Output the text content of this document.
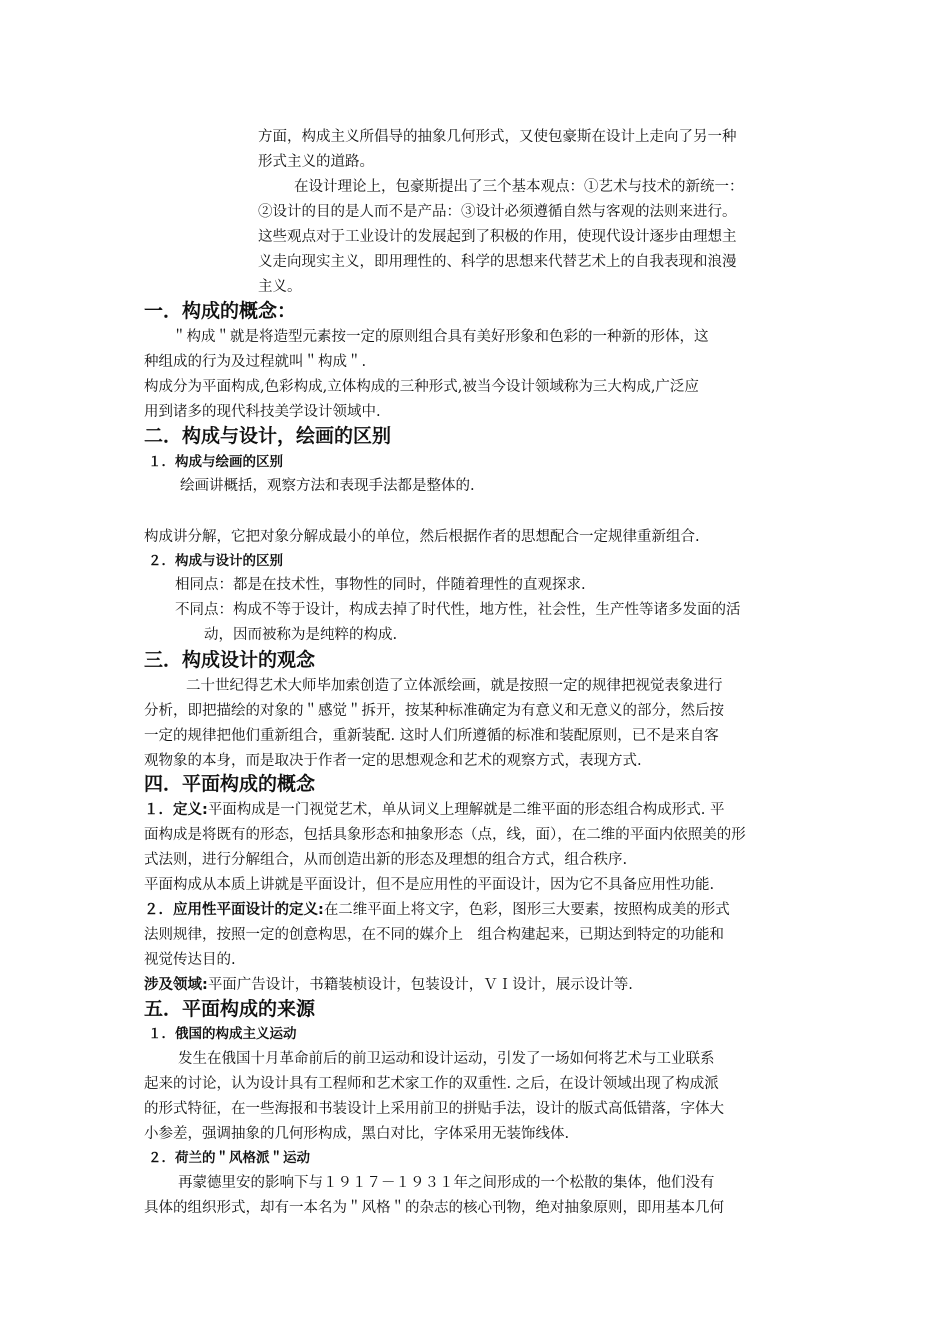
方面，构成主义所倡导的抽象几何形式，又使包豪斯在设计上走向了另一种
形式主义的道路。
在设计理论上，包豪斯提出了三个基本观点：①艺术与技术的新统一：
②设计的目的是人而不是产品：③设计必须遵循自然与客观的法则来进行。
这些观点对于工业设计的发展起到了积极的作用，使现代设计逐步由理想主
义走向现实主义，即用理性的、科学的思想来代替艺术上的自我表现和浪漫
主义。
一．构成的概念：
＂构成＂就是将造型元素按一定的原则组合具有美好形象和色彩的一种新的形体，这
种组成的行为及过程就叫＂构成＂.
构成分为平面构成,色彩构成,立体构成的三种形式,被当今设计领域称为三大构成,广泛应
用到诸多的现代科技美学设计领域中.
二．构成与设计，绘画的区别
１．构成与绘画的区别
绘画讲概括，观察方法和表现手法都是整体的.
构成讲分解，它把对象分解成最小的单位，然后根据作者的思想配合一定规律重新组合.
２．构成与设计的区别
相同点：都是在技术性，事物性的同时，伴随着理性的直观探求.
不同点：构成不等于设计，构成去掉了时代性，地方性，社会性，生产性等诸多发面的活
动，因而被称为是纯粹的构成.
三．构成设计的观念
二十世纪得艺术大师毕加索创造了立体派绘画，就是按照一定的规律把视觉表象进行
分析，即把描绘的对象的＂感觉＂拆开，按某种标准确定为有意义和无意义的部分，然后按
一定的规律把他们重新组合，重新装配. 这时人们所遵循的标准和装配原则，已不是来自客
观物象的本身，而是取决于作者一定的思想观念和艺术的观察方式，表现方式.
四．平面构成的概念
１．定义:平面构成是一门视觉艺术，单从词义上理解就是二维平面的形态组合构成形式. 平
面构成是将既有的形态，包括具象形态和抽象形态（点，线，面），在二维的平面内依照美的形
式法则，进行分解组合，从而创造出新的形态及理想的组合方式，组合秩序.
平面构成从本质上讲就是平面设计，但不是应用性的平面设计，因为它不具备应用性功能.
２．应用性平面设计的定义:在二维平面上将文字，色彩，图形三大要素，按照构成美的形式
法则规律，按照一定的创意构思，在不同的媒介上　组合构建起来，已期达到特定的功能和
视觉传达目的.
涉及领域:平面广告设计，书籍装桢设计，包装设计，ＶＩ设计，展示设计等.
五．平面构成的来源
１．俄国的构成主义运动
发生在俄国十月革命前后的前卫运动和设计运动，引发了一场如何将艺术与工业联系
起来的讨论，认为设计具有工程师和艺术家工作的双重性. 之后，在设计领域出现了构成派
的形式特征，在一些海报和书装设计上采用前卫的拼贴手法，设计的版式高低错落，字体大
小参差，强调抽象的几何形构成，黑白对比，字体采用无装饰线体.
２．荷兰的＂风格派＂运动
再蒙德里安的影响下与１９１７－１９３１年之间形成的一个松散的集体，他们没有
具体的组织形式，却有一本名为＂风格＂的杂志的核心刊物，绝对抽象原则，即用基本几何
